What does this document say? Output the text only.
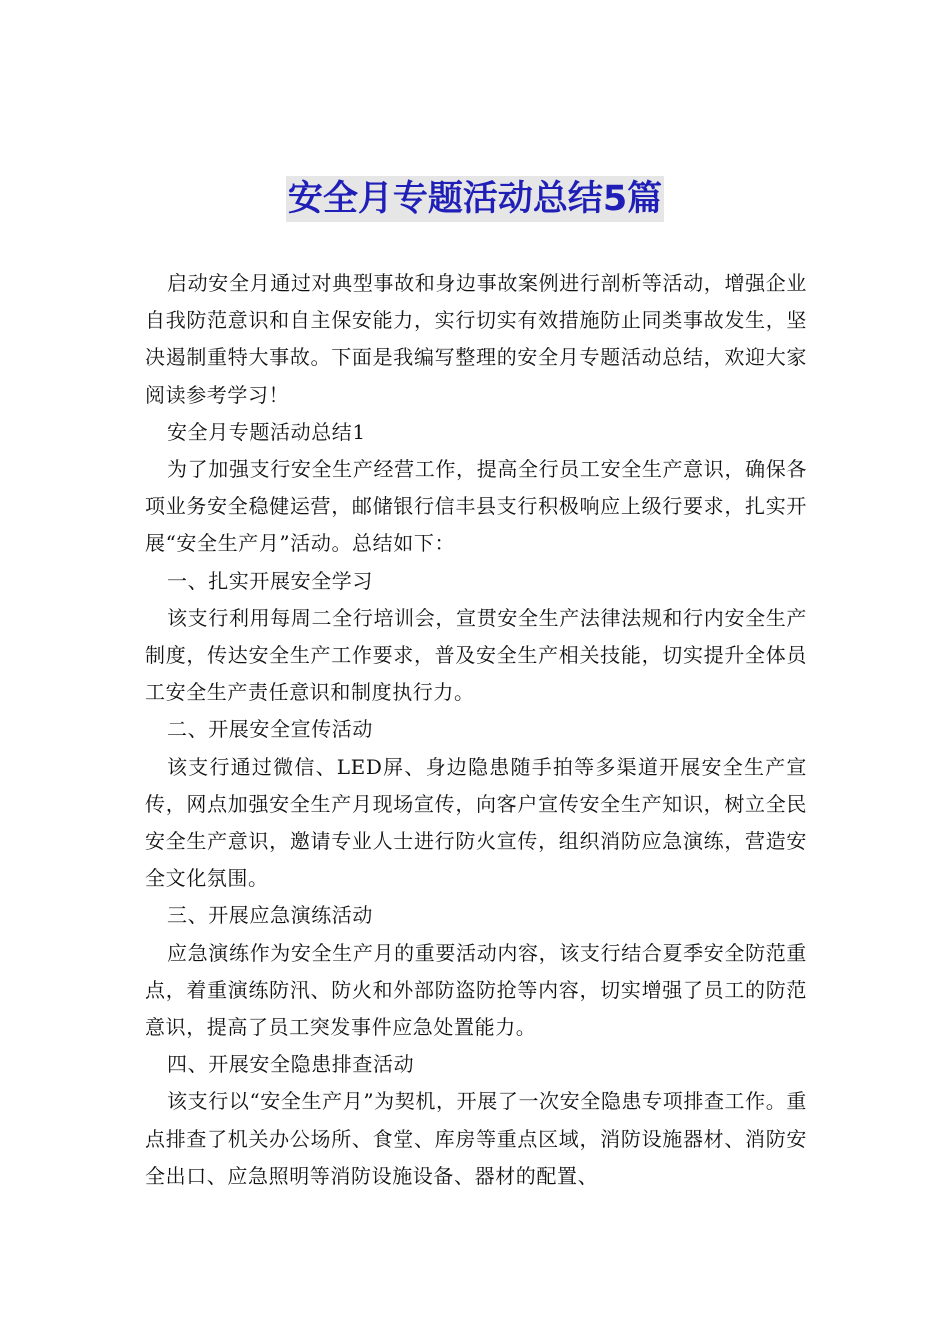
安全月专题活动总结5篇

启动安全月通过对典型事故和身边事故案例进行剖析等活动，增强企业自我防范意识和自主保安能力，实行切实有效措施防止同类事故发生，坚决遏制重特大事故。下面是我编写整理的安全月专题活动总结，欢迎大家阅读参考学习！

安全月专题活动总结1

为了加强支行安全生产经营工作，提高全行员工安全生产意识，确保各项业务安全稳健运营，邮储银行信丰县支行积极响应上级行要求，扎实开展“安全生产月”活动。总结如下：

一、扎实开展安全学习

该支行利用每周二全行培训会，宣贯安全生产法律法规和行内安全生产制度，传达安全生产工作要求，普及安全生产相关技能，切实提升全体员工安全生产责任意识和制度执行力。

二、开展安全宣传活动

该支行通过微信、LED屏、身边隐患随手拍等多渠道开展安全生产宣传，网点加强安全生产月现场宣传，向客户宣传安全生产知识，树立全民安全生产意识，邀请专业人士进行防火宣传，组织消防应急演练，营造安全文化氛围。

三、开展应急演练活动

应急演练作为安全生产月的重要活动内容，该支行结合夏季安全防范重点，着重演练防汛、防火和外部防盗防抢等内容，切实增强了员工的防范意识，提高了员工突发事件应急处置能力。

四、开展安全隐患排查活动

该支行以“安全生产月”为契机，开展了一次安全隐患专项排查工作。重点排查了机关办公场所、食堂、库房等重点区域，消防设施器材、消防安全出口、应急照明等消防设施设备、器材的配置、
